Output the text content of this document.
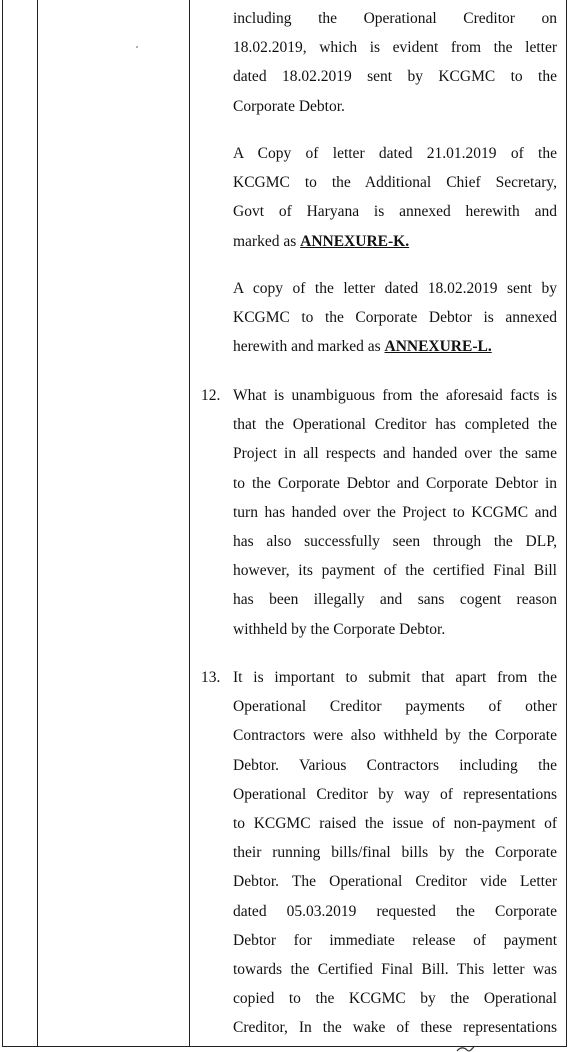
including the Operational Creditor on
18.02.2019, which is evident from the letter
dated 18.02.2019 sent by KCGMC to the
Corporate Debtor.
A Copy of letter dated 21.01.2019 of the
KCGMC to the Additional Chief Secretary,
Govt of Haryana is annexed herewith and
marked as ANNEXURE-K.
A copy of the letter dated 18.02.2019 sent by
KCGMC to the Corporate Debtor is annexed
herewith and marked as ANNEXURE-L.
12. What is unambiguous from the aforesaid facts is
that the Operational Creditor has completed the
Project in all respects and handed over the same
to the Corporate Debtor and Corporate Debtor in
turn has handed over the Project to KCGMC and
has also successfully seen through the DLP,
however, its payment of the certified Final Bill
has been illegally and sans cogent reason
withheld by the Corporate Debtor.
13. It is important to submit that apart from the
Operational Creditor payments of other
Contractors were also withheld by the Corporate
Debtor. Various Contractors including the
Operational Creditor by way of representations
to KCGMC raised the issue of non-payment of
their running bills/final bills by the Corporate
Debtor. The Operational Creditor vide Letter
dated 05.03.2019 requested the Corporate
Debtor for immediate release of payment
towards the Certified Final Bill. This letter was
copied to the KCGMC by the Operational
Creditor, In the wake of these representations
